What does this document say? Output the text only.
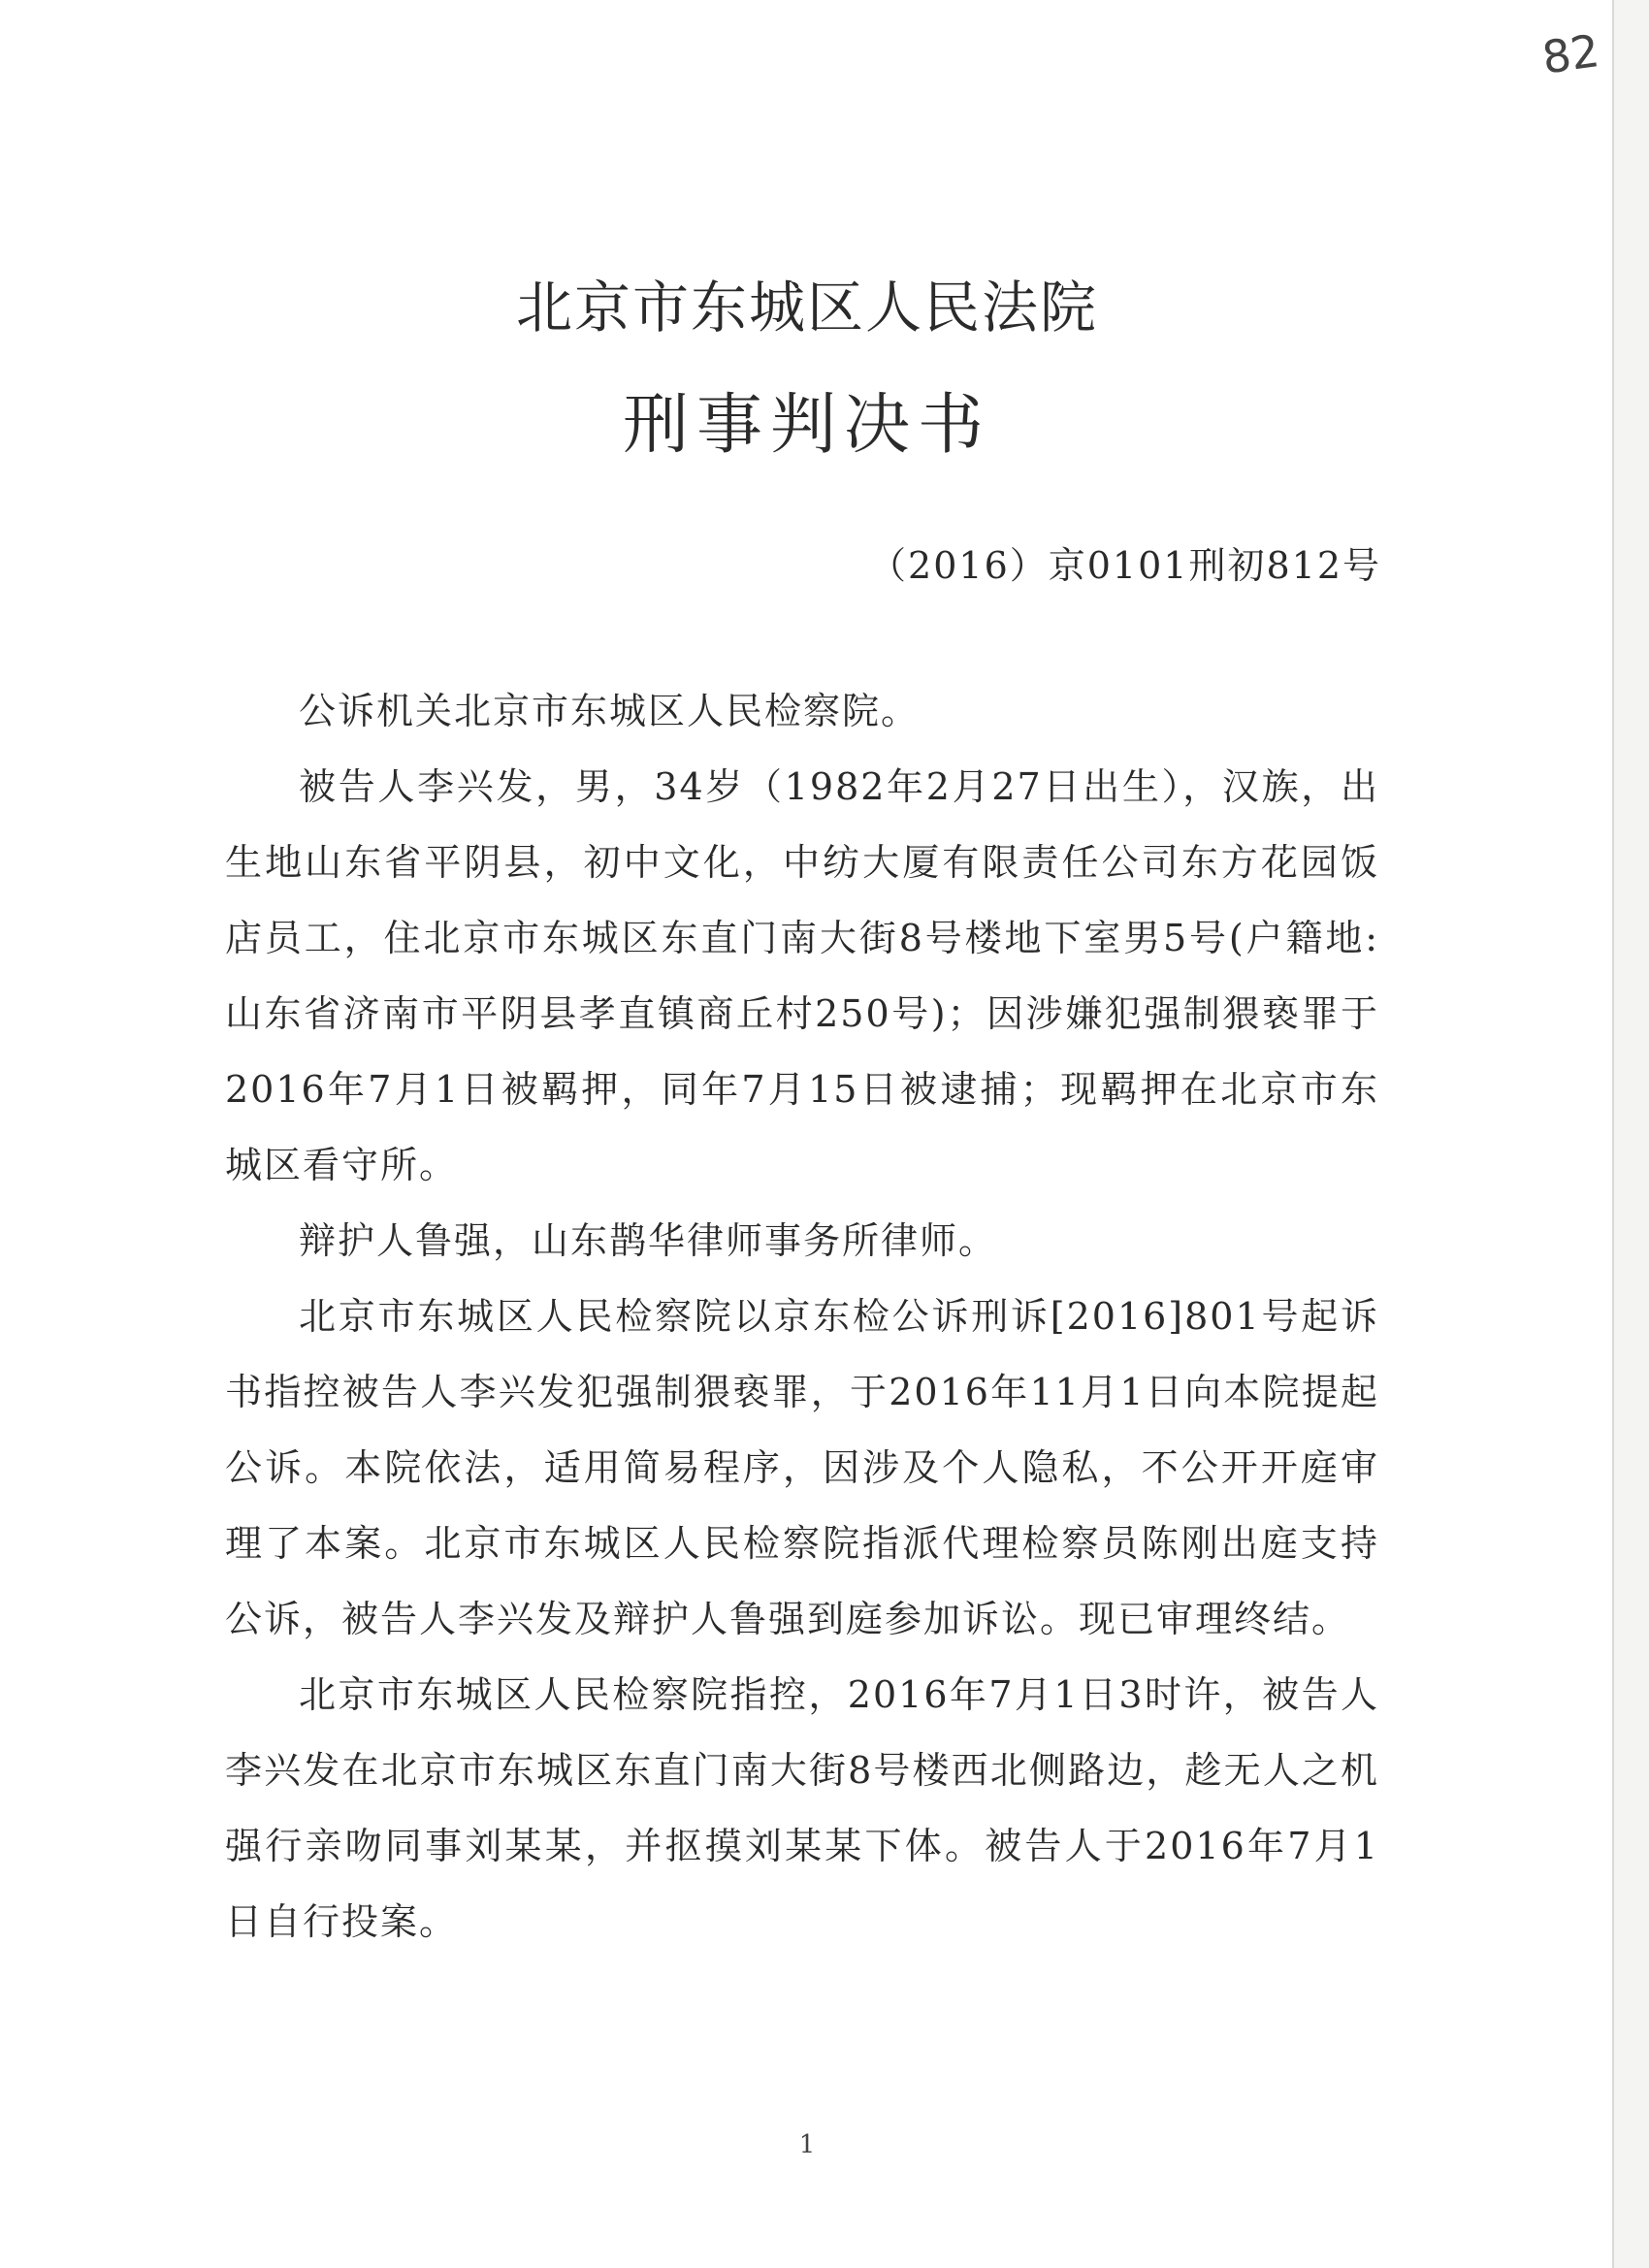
82
北京市东城区人民法院
刑事判决书
（2016）京0101刑初812号

公诉机关北京市东城区人民检察院。

被告人李兴发，男，34岁（1982年2月27日出生），汉族，出生地山东省平阴县，初中文化，中纺大厦有限责任公司东方花园饭店员工，住北京市东城区东直门南大街8号楼地下室男5号(户籍地:山东省济南市平阴县孝直镇商丘村250号)；因涉嫌犯强制猥亵罪于2016年7月1日被羁押，同年7月15日被逮捕；现羁押在北京市东城区看守所。

辩护人鲁强，山东鹊华律师事务所律师。

北京市东城区人民检察院以京东检公诉刑诉[2016]801号起诉书指控被告人李兴发犯强制猥亵罪，于2016年11月1日向本院提起公诉。本院依法，适用简易程序，因涉及个人隐私，不公开开庭审理了本案。北京市东城区人民检察院指派代理检察员陈刚出庭支持公诉，被告人李兴发及辩护人鲁强到庭参加诉讼。现已审理终结。

北京市东城区人民检察院指控，2016年7月1日3时许，被告人李兴发在北京市东城区东直门南大街8号楼西北侧路边，趁无人之机强行亲吻同事刘某某，并抠摸刘某某下体。被告人于2016年7月1日自行投案。

1
